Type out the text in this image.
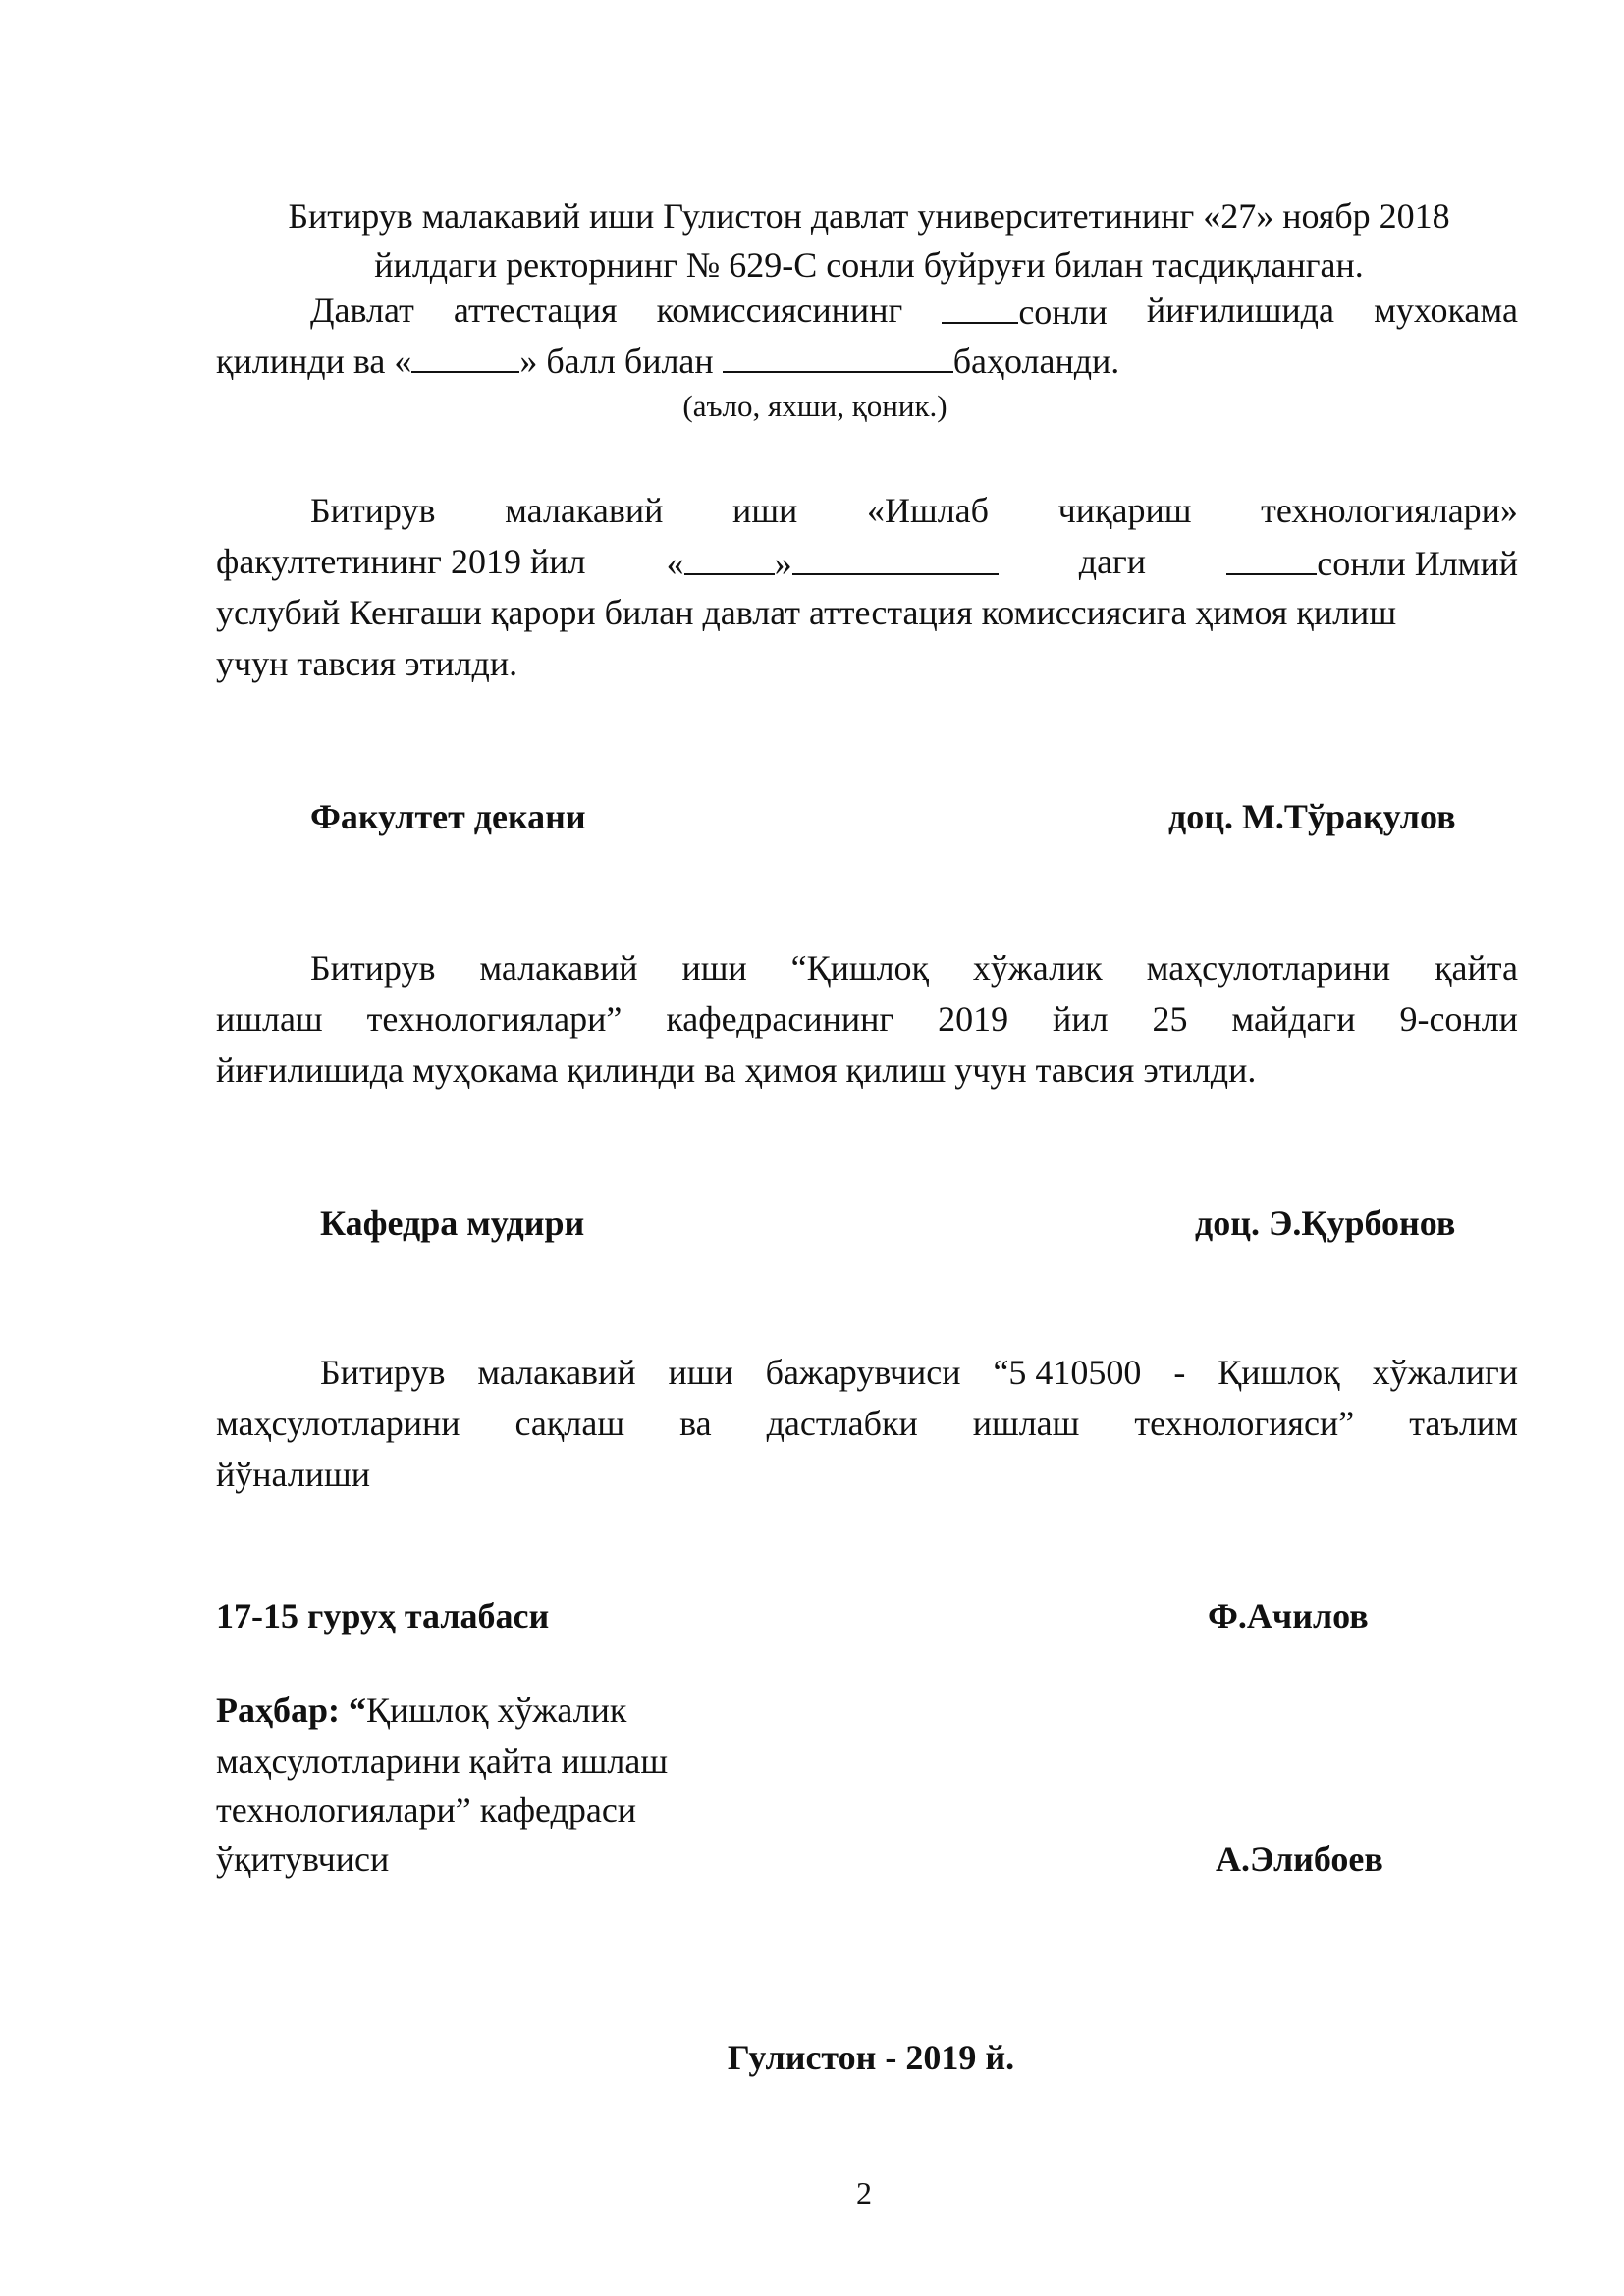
Битирув малакавий иши Гулистон давлат университетининг «27» ноябр 2018
йилдаги ректорнинг № 629-С сонли буйруғи билан тасдиқланган.
Давлат аттестация комиссиясининг	сонли йиғилишида мухокама
қилинди ва «	» балл билан	баҳоланди.
(аъло, яхши, қоник.)
Битирув малакавий иши «Ишлаб чиқариш технологиялари»
факултетининг 2019 йил «	»	даги	сонли Илмий
услубий Кенгаши қарори билан давлат аттестация комиссиясига ҳимоя қилиш
учун тавсия этилди.
Факултет декани	доц. М.Тўрақулов
Битирув малакавий иши “Қишлоқ хўжалик маҳсулотларини қайта
ишлаш технологиялари” кафедрасининг 2019 йил 25 майдаги 9-сонли
йиғилишида муҳокама қилинди ва ҳимоя қилиш учун тавсия этилди.
Кафедра мудири	доц. Э.Қурбонов
Битирув малакавий иши бажарувчиси “5 410500 - Қишлоқ хўжалиги
маҳсулотларини сақлаш ва дастлабки ишлаш технологияси” таълим
йўналиши
17-15 гуруҳ талабаси	Ф.Ачилов
Раҳбар: “Қишлоқ хўжалик
маҳсулотларини қайта ишлаш
технологиялари” кафедраси
ўқитувчиси	А.Элибоев
Гулистон - 2019 й.
2
